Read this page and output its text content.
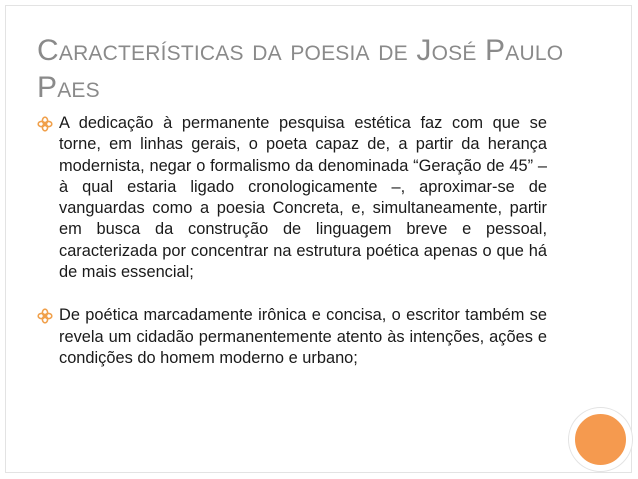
Características da poesia de José Paulo Paes

A dedicação à permanente pesquisa estética faz com que se torne, em linhas gerais, o poeta capaz de, a partir da herança modernista, negar o formalismo da denominada “Geração de 45” – à qual estaria ligado cronologicamente –, aproximar-se de vanguardas como a poesia Concreta, e, simultaneamente, partir em busca da construção de linguagem breve e pessoal, caracterizada por concentrar na estrutura poética apenas o que há de mais essencial;

De poética marcadamente irônica e concisa, o escritor também se revela um cidadão permanentemente atento às intenções, ações e condições do homem moderno e urbano;
